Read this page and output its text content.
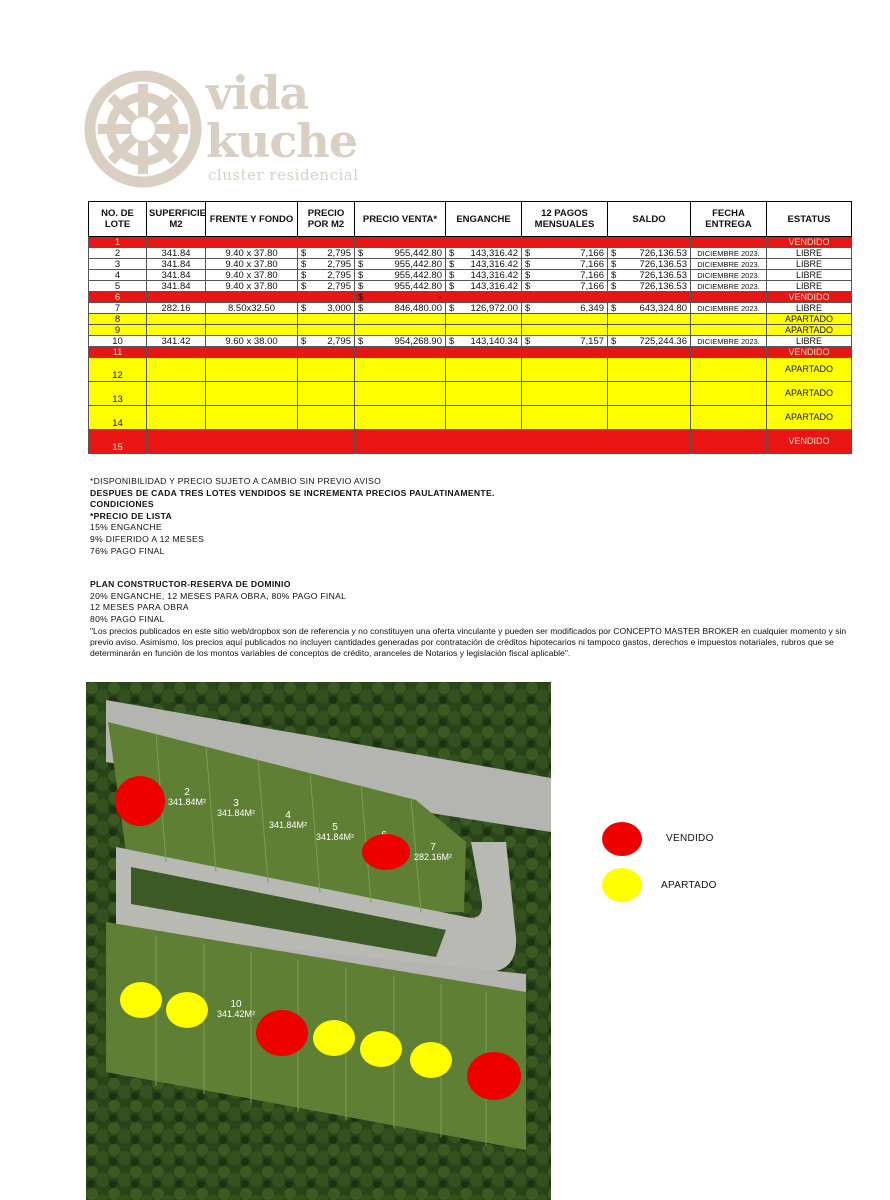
vida
kuche
cluster residencial
NO. DE LOTE	SUPERFICIE M2	FRENTE Y FONDO	PRECIO POR M2	PRECIO VENTA*	ENGANCHE	12 PAGOS MENSUALES	SALDO	FECHA ENTREGA	ESTATUS
1									VENDIDO
2	341.84	9.40 x 37.80	$ 2,795	$ 955,442.80	$ 143,316.42	$ 7,166	$ 726,136.53	DICIEMBRE 2023.	LIBRE
3	341.84	9.40 x 37.80	$ 2,795	$ 955,442.80	$ 143,316.42	$ 7,166	$ 726,136.53	DICIEMBRE 2023.	LIBRE
4	341.84	9.40 x 37.80	$ 2,795	$ 955,442.80	$ 143,316.42	$ 7,166	$ 726,136.53	DICIEMBRE 2023.	LIBRE
5	341.84	9.40 x 37.80	$ 2,795	$ 955,442.80	$ 143,316.42	$ 7,166	$ 726,136.53	DICIEMBRE 2023.	LIBRE
6				$ -					VENDIDO
7	282.16	8.50x32.50	$ 3,000	$ 846,480.00	$ 126,972.00	$ 6,349	$ 643,324.80	DICIEMBRE 2023.	LIBRE
8									APARTADO
9									APARTADO
10	341.42	9.60 x 38.00	$ 2,795	$ 954,268.90	$ 143,140.34	$ 7,157	$ 725,244.36	DICIEMBRE 2023.	LIBRE
11									VENDIDO
12									APARTADO
13									APARTADO
14									APARTADO
15									VENDIDO

*DISPONIBILIDAD Y PRECIO SUJETO A CAMBIO SIN PREVIO AVISO

DESPUES DE CADA TRES LOTES VENDIDOS SE INCREMENTA PRECIOS PAULATINAMENTE.

CONDICIONES

*PRECIO DE LISTA

15% ENGANCHE

9% DIFERIDO A 12 MESES

76% PAGO FINAL

PLAN CONSTRUCTOR-RESERVA DE DOMINIO

20% ENGANCHE, 12 MESES PARA OBRA, 80% PAGO FINAL

12 MESES PARA OBRA

80% PAGO FINAL

"Los precios publicados en este sitio web/dropbox son de referencia y no constituyen una oferta vinculante y pueden ser modificados por CONCEPTO MASTER BROKER en cualquier momento y sin previo aviso. Asimismo, los precios aquí publicados no incluyen cantidades generadas por contratación de créditos hipotecarios ni tampoco gastos, derechos e impuestos notariales, rubros que se determinarán en función de los montos variables de conceptos de crédito, aranceles de Notarios y legislación fiscal aplicable".

2
341.84M²	3
341.84M²	4
341.84M²	5
341.84M²
7
282.16M²
10
341.42M²
VENDIDO
APARTADO
